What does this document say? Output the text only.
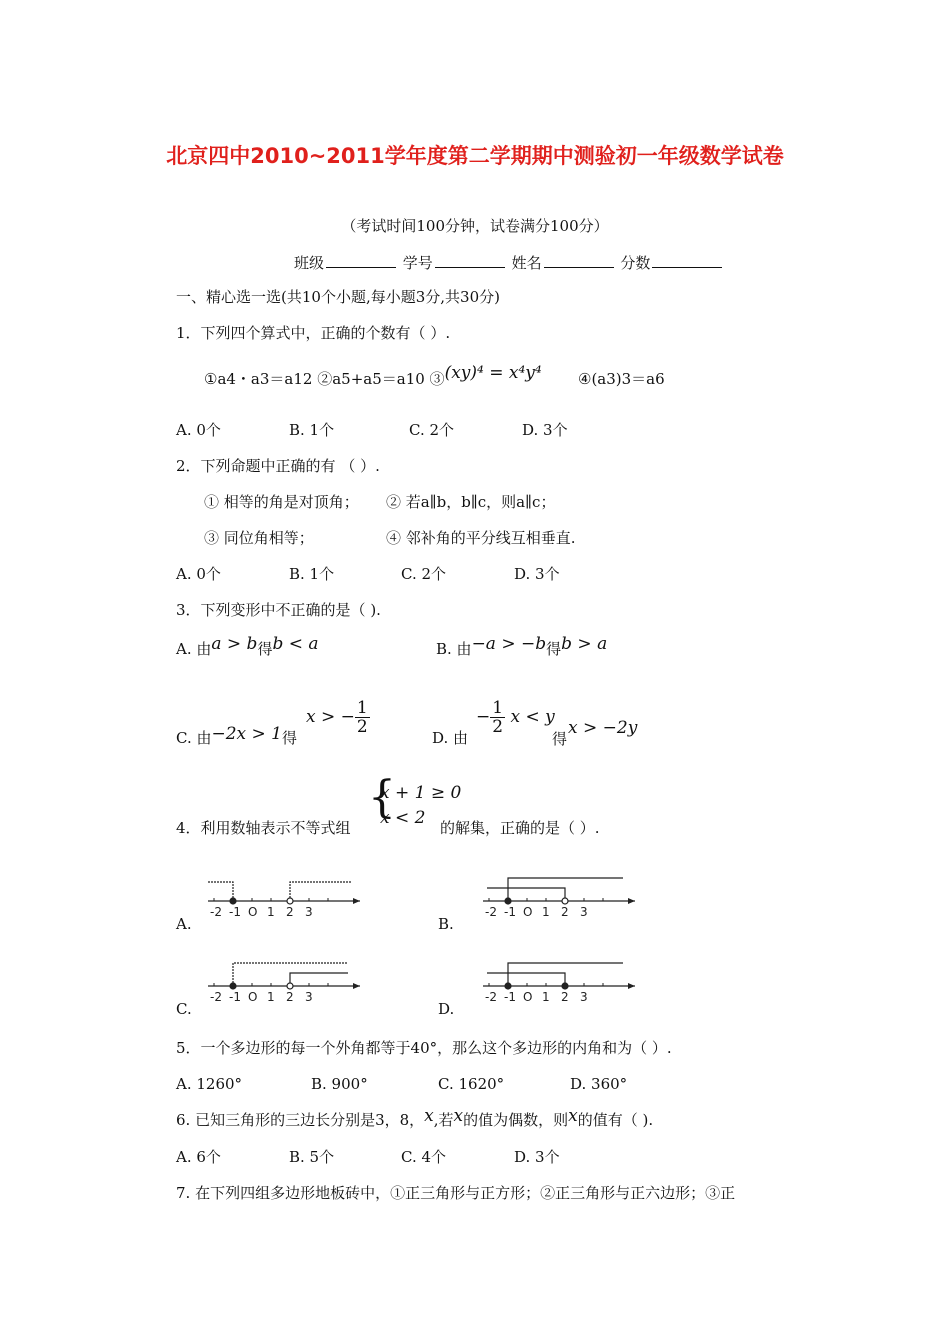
北京四中2010~2011学年度第二学期期中测验初一年级数学试卷
（考试时间100分钟，试卷满分100分）
班级	学号	姓名	分数
一、精心选一选(共10个小题,每小题3分,共30分)
1．下列四个算式中，正确的个数有（ ）.
①a4・a3＝a12 ②a5+a5＝a10 ③(xy)⁴ = x⁴y⁴ ④(a3)3＝a6
A. 0个	B. 1个	C. 2个	D. 3个
2．下列命题中正确的有 （ ）.
① 相等的角是对顶角； ② 若a∥b，b∥c，则a∥c；
③ 同位角相等；	④ 邻补角的平分线互相垂直.
A. 0个	B. 1个	C. 2个	D. 3个
3．下列变形中不正确的是（ ).
A. 由a > b得b < a	B. 由−a > −b得b > a
C. 由−2x > 1得
x > − $\frac{1}{2}$
D. 由
− $\frac{1}{2}$ x < y
得
x > −2y
4．利用数轴表示不等式组
{
x + 1 ≥ 0
x < 2 的解集，正确的是（ ）.
-2 -1 O 1 2 3
A.
-2 -1 O 1 2 3
B.
-2 -1 O 1 2 3
C.
-2 -1 O 1 2 3
D.
5．一个多边形的每一个外角都等于40°，那么这个多边形的内角和为（ ）.
A. 1260°	B. 900°	C. 1620°	D. 360°
6. 已知三角形的三边长分别是3，8，x,若x的值为偶数，则x的值有（ ).
A. 6个	B. 5个	C. 4个	D. 3个
7. 在下列四组多边形地板砖中，①正三角形与正方形；②正三角形与正六边形；③正
